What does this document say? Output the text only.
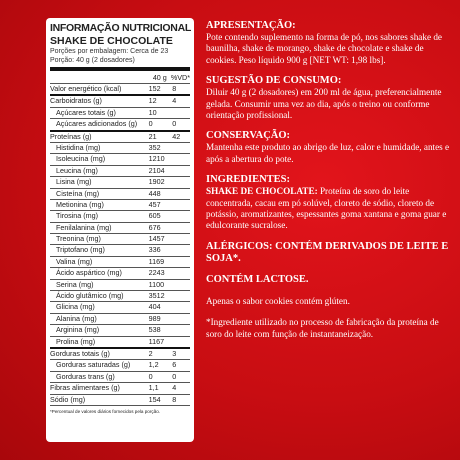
INFORMAÇÃO NUTRICIONAL
SHAKE DE CHOCOLATE
Porções por embalagem: Cerca de 23
Porção: 40 g (2 dosadores)
40 g %VD*
Valor energético (kcal)	152	8
Carboidratos (g)	12	4
Açúcares totais (g)	10
Açúcares adicionados (g)	0	0
Proteínas (g)	21	42
Histidina (mg)	352
Isoleucina (mg)	1210
Leucina (mg)	2104
Lisina (mg)	1902
Cisteína (mg)	448
Metionina (mg)	457
Tirosina (mg)	605
Fenilalanina (mg)	676
Treonina (mg)	1457
Triptofano (mg)	336
Valina (mg)	1169
Ácido aspártico (mg)	2243
Serina (mg)	1100
Ácido glutâmico (mg)	3512
Glicina (mg)	404
Alanina (mg)	989
Arginina (mg)	538
Prolina (mg)	1167
Gorduras totais (g)	2	3
Gorduras saturadas (g)	1,2	6
Gorduras trans (g)	0	0
Fibras alimentares (g)	1,1	4
Sódio (mg)	154	8
*Percentual de valores diários fornecidos pela porção.
APRESENTAÇÃO:

Pote contendo suplemento na forma de pó, nos sabores shake de baunilha, shake de morango, shake de chocolate e shake de cookies. Peso líquido 900 g [NET WT: 1,98 lbs].

SUGESTÃO DE CONSUMO:

Diluir 40 g (2 dosadores) em 200 ml de água, preferencialmente gelada. Consumir uma vez ao dia, após o treino ou conforme orientação profissional.

CONSERVAÇÃO:

Mantenha este produto ao abrigo de luz, calor e humidade, antes e após a abertura do pote.

INGREDIENTES:

SHAKE DE CHOCOLATE: Proteína de soro do leite concentrada, cacau em pó solúvel, cloreto de sódio, cloreto de potássio, aromatizantes, espessantes goma xantana e goma guar e edulcorante sucralose.

ALÉRGICOS: CONTÉM DERIVADOS DE LEITE E SOJA*.
CONTÉM LACTOSE.

Apenas o sabor cookies contém glúten.

*Ingrediente utilizado no processo de fabricação da proteína de soro do leite com função de instantaneização.
